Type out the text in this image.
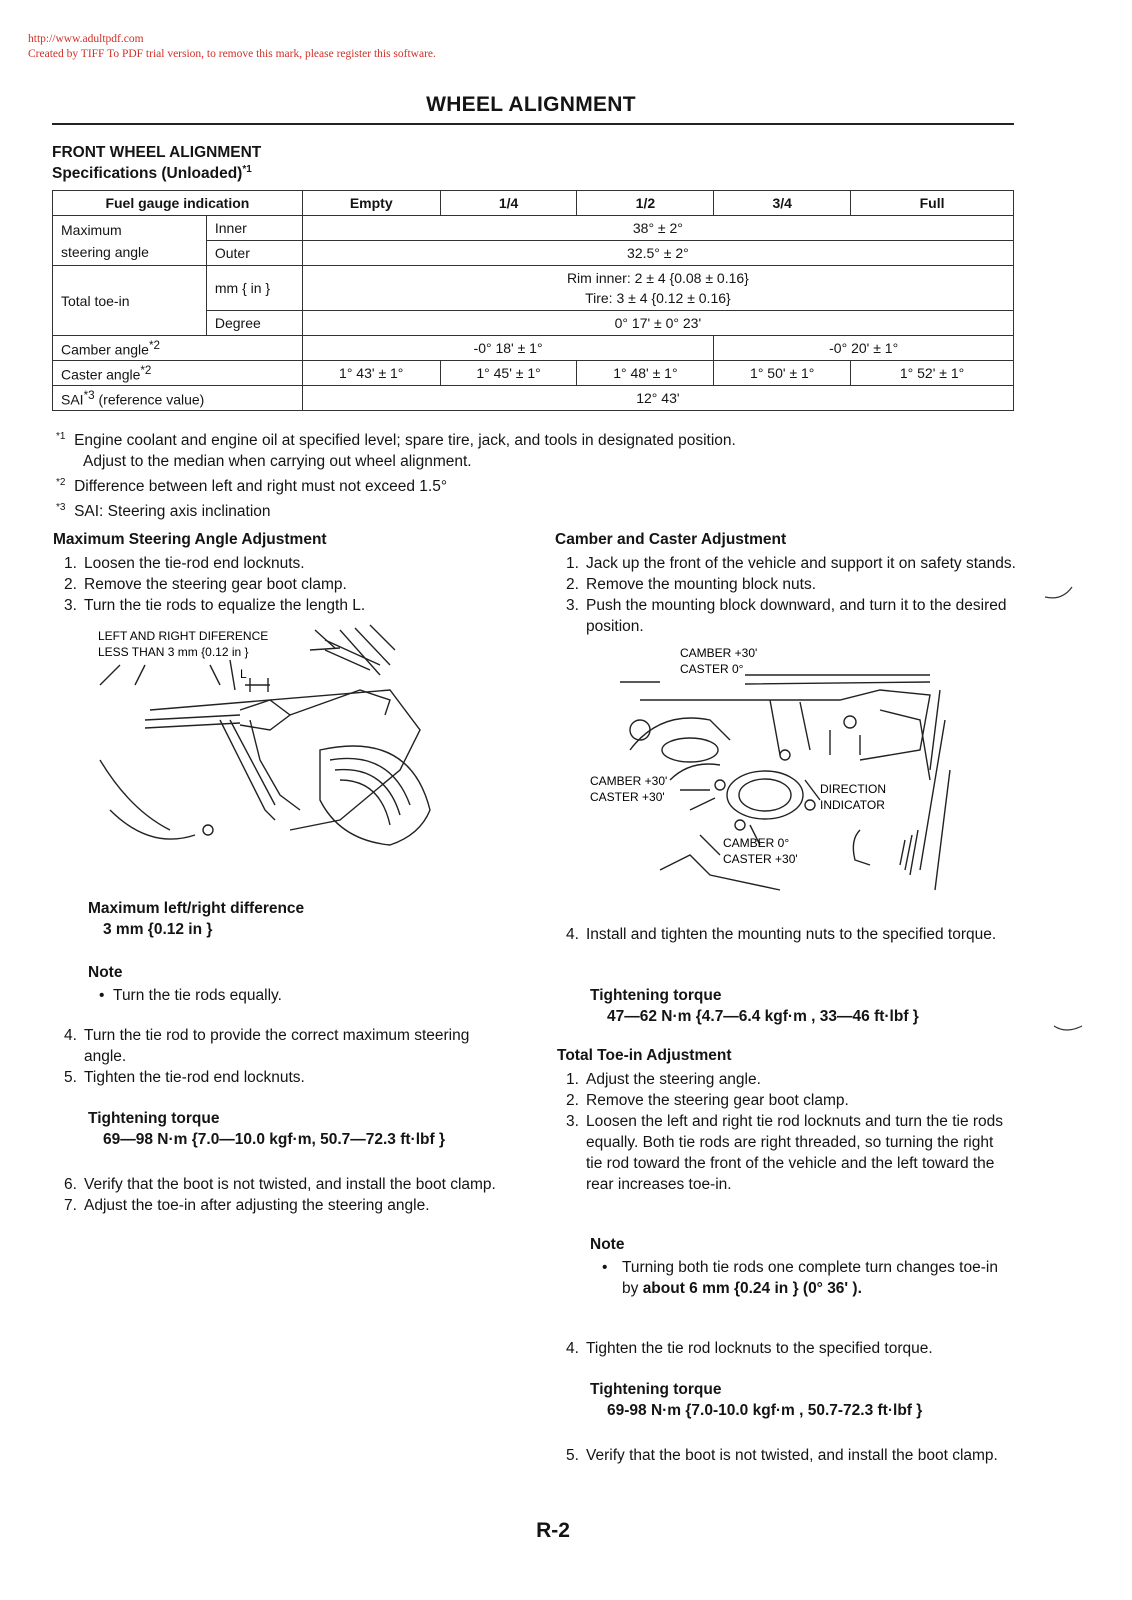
http://www.adultpdf.com
Created by TIFF To PDF trial version, to remove this mark, please register this software.
WHEEL ALIGNMENT
FRONT WHEEL ALIGNMENT
Specifications (Unloaded)$^{*1}$
Fuel gauge indication		Empty	1/4	1/2	3/4	Full
Maximum
steering angle	Inner	38° ± 2°				
	Outer	32.5° ± 2°				
Total toe-in	mm { in }	Rim inner: 2 ± 4 {0.08 ± 0.16}
Tire: 3 ± 4 {0.12 ± 0.16}				

	Degree	0° 17' ± 0° 23'				
Camber angle$^{*2}$		-0° 18' ± 1°			-0° 20' ± 1°	
Caster angle$^{*2}$		1° 43' ± 1°	1° 45' ± 1°	1° 48' ± 1°	1° 50' ± 1°	1° 52' ± 1°
SAI$^{*3}$ (reference value)		12° 43'				
$^{*1}$ Engine coolant and engine oil at specified level; spare tire, jack, and tools in designated position.
Adjust to the median when carrying out wheel alignment.
$^{*2}$ Difference between left and right must not exceed 1.5°
$^{*3}$ SAI: Steering axis inclination
Maximum Steering Angle Adjustment
1. Loosen the tie-rod end locknuts.
2. Remove the steering gear boot clamp.
3. Turn the tie rods to equalize the length L.
LEFT AND RIGHT DIFERENCE
LESS THAN 3 mm {0.12 in }
L
Maximum left/right difference
3 mm {0.12 in }
Note
•  Turn the tie rods equally.
4. Turn the tie rod to provide the correct maximum steering angle.
5. Tighten the tie-rod end locknuts.
Tightening torque
69—98 N·m {7.0—10.0 kgf·m, 50.7—72.3 ft·lbf }
6. Verify that the boot is not twisted, and install the boot clamp.
7. Adjust the toe-in after adjusting the steering angle.
Camber and Caster Adjustment
1. Jack up the front of the vehicle and support it on safety stands.
2. Remove the mounting block nuts.
3. Push the mounting block downward, and turn it to the desired position.
CAMBER +30'
CASTER 0°
CAMBER +30'
CASTER +30'
DIRECTION
INDICATOR
CAMBER 0°
CASTER +30'
4. Install and tighten the mounting nuts to the specified torque.
Tightening torque
47—62 N·m {4.7—6.4 kgf·m , 33—46 ft·lbf }
Total Toe-in Adjustment
1. Adjust the steering angle.
2. Remove the steering gear boot clamp.
3. Loosen the left and right tie rod locknuts and turn the tie rods equally. Both tie rods are right threaded, so turning the right tie rod toward the front of the vehicle and the left toward the rear increases toe-in.
Note
• Turning both tie rods one complete turn changes toe-in by about 6 mm {0.24 in } (0° 36' ).
4. Tighten the tie rod locknuts to the specified torque.
Tightening torque
69-98 N·m {7.0-10.0 kgf·m , 50.7-72.3 ft·lbf }
5. Verify that the boot is not twisted, and install the boot clamp.
R-2
